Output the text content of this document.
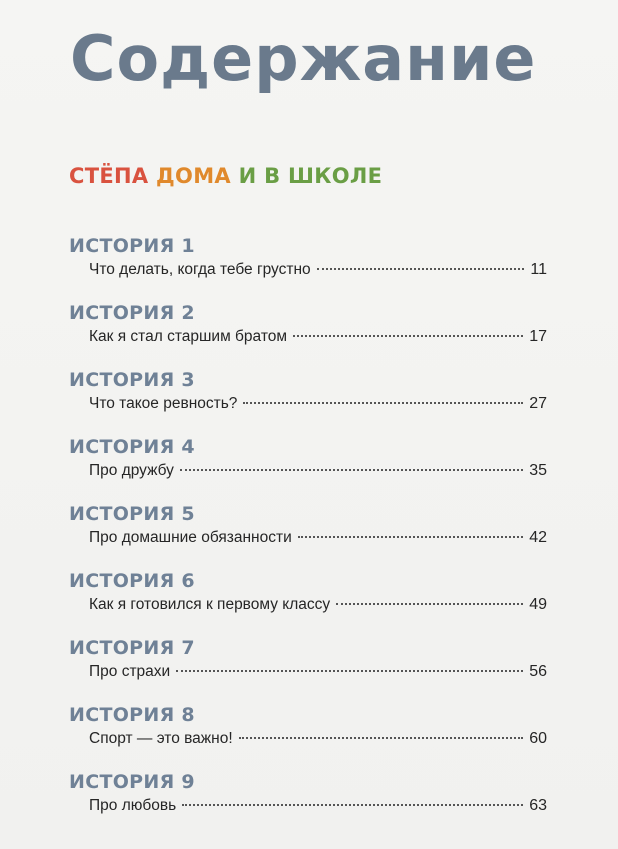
Содержание
СТЁПА ДОМА И В ШКОЛЕ
ИСТОРИЯ 1
Что делать, когда тебе грустно	11
ИСТОРИЯ 2
Как я стал старшим братом	17
ИСТОРИЯ 3
Что такое ревность?	27
ИСТОРИЯ 4
Про дружбу	35
ИСТОРИЯ 5
Про домашние обязанности	42
ИСТОРИЯ 6
Как я готовился к первому классу	49
ИСТОРИЯ 7
Про страхи	56
ИСТОРИЯ 8
Спорт — это важно!	60
ИСТОРИЯ 9
Про любовь	63
